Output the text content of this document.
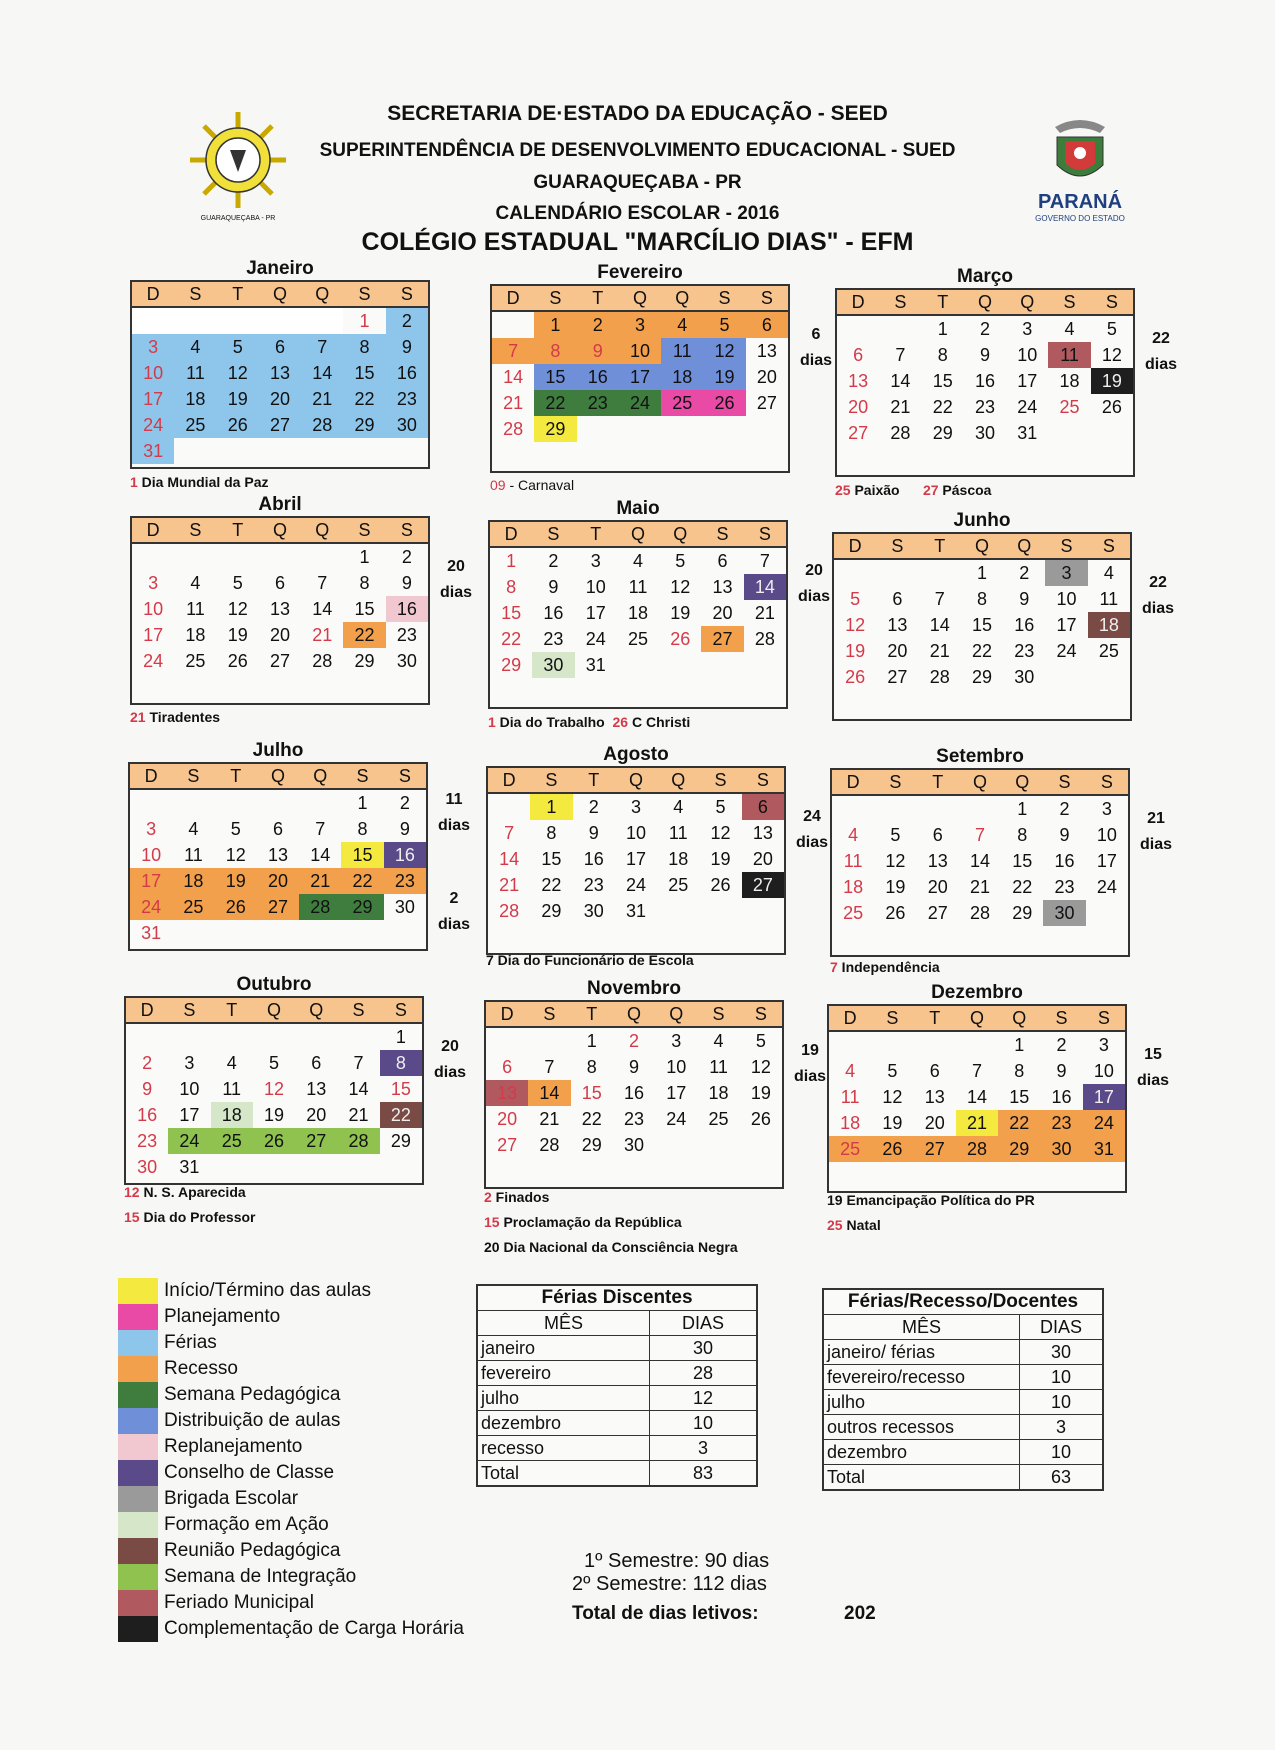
SECRETARIA DE·ESTADO DA EDUCAÇÃO - SEED
SUPERINTENDÊNCIA DE DESENVOLVIMENTO EDUCACIONAL - SUED
GUARAQUEÇABA - PR
CALENDÁRIO ESCOLAR - 2016
COLÉGIO ESTADUAL "MARCÍLIO DIAS" - EFM
GUARAQUEÇABA - PR
PARANÁ
GOVERNO DO ESTADO
Janeiro
D	S	T	Q	Q	S	S
					1	2
3	4	5	6	7	8	9
10	11	12	13	14	15	16
17	18	19	20	21	22	23
24	25	26	27	28	29	30
31						
1 Dia Mundial da Paz
Fevereiro
D	S	T	Q	Q	S	S
	1	2	3	4	5	6
7	8	9	10	11	12	13
14	15	16	17	18	19	20
21	22	23	24	25	26	27
28	29					
6
dias
09 - Carnaval
Março
D	S	T	Q	Q	S	S
		1	2	3	4	5
6	7	8	9	10	11	12
13	14	15	16	17	18	19
20	21	22	23	24	25	26
27	28	29	30	31		
22
dias
25 Paixão      27 Páscoa
Abril
D	S	T	Q	Q	S	S
					1	2
3	4	5	6	7	8	9
10	11	12	13	14	15	16
17	18	19	20	21	22	23
24	25	26	27	28	29	30
20
dias
21 Tiradentes
Maio
D	S	T	Q	Q	S	S
1	2	3	4	5	6	7
8	9	10	11	12	13	14
15	16	17	18	19	20	21
22	23	24	25	26	27	28
29	30	31				
20
dias
1 Dia do Trabalho  26 C Christi
Junho
D	S	T	Q	Q	S	S
			1	2	3	4
5	6	7	8	9	10	11
12	13	14	15	16	17	18
19	20	21	22	23	24	25
26	27	28	29	30		
22
dias
Julho
D	S	T	Q	Q	S	S
					1	2
3	4	5	6	7	8	9
10	11	12	13	14	15	16
17	18	19	20	21	22	23
24	25	26	27	28	29	30
31						
11
dias
2
dias
Agosto
D	S	T	Q	Q	S	S
	1	2	3	4	5	6
7	8	9	10	11	12	13
14	15	16	17	18	19	20
21	22	23	24	25	26	27
28	29	30	31			
24
dias
7 Dia do Funcionário de Escola
Setembro
D	S	T	Q	Q	S	S
				1	2	3
4	5	6	7	8	9	10
11	12	13	14	15	16	17
18	19	20	21	22	23	24
25	26	27	28	29	30	
21
dias
7 Independência
Outubro
D	S	T	Q	Q	S	S
						1
2	3	4	5	6	7	8
9	10	11	12	13	14	15
16	17	18	19	20	21	22
23	24	25	26	27	28	29
30	31					
20
dias
12 N. S. Aparecida
15 Dia do Professor
Novembro
D	S	T	Q	Q	S	S
		1	2	3	4	5
6	7	8	9	10	11	12
13	14	15	16	17	18	19
20	21	22	23	24	25	26
27	28	29	30			
19
dias
2 Finados
15 Proclamação da República
20 Dia Nacional da Consciência Negra
Dezembro
D	S	T	Q	Q	S	S
				1	2	3
4	5	6	7	8	9	10
11	12	13	14	15	16	17
18	19	20	21	22	23	24
25	26	27	28	29	30	31
15
dias
19 Emancipação Política do PR
25 Natal
Início/Término das aulas
Planejamento
Férias
Recesso
Semana Pedagógica
Distribuição de aulas
Replanejamento
Conselho de Classe
Brigada Escolar
Formação em Ação
Reunião Pedagógica
Semana de Integração
Feriado Municipal
Complementação de Carga Horária
Férias Discentes	
MÊS	DIAS
janeiro	30
fevereiro	28
julho	12
dezembro	10
recesso	3
Total	83
Férias/Recesso/Docentes	
MÊS	DIAS
janeiro/ férias	30
fevereiro/recesso	10
julho	10
outros recessos	3
dezembro	10
Total	63
1º Semestre: 90 dias
2º Semestre: 112 dias
Total de dias letivos:	202
